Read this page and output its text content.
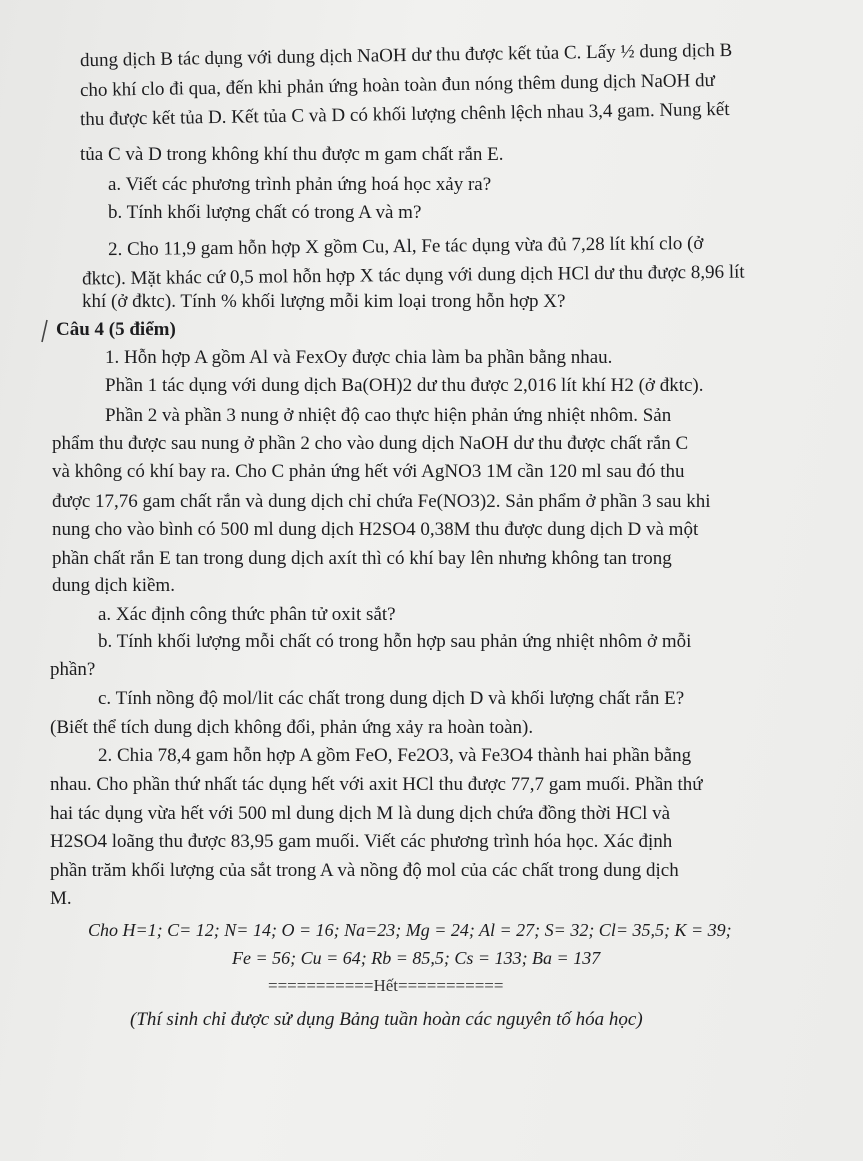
dung dịch B tác dụng với dung dịch NaOH dư thu được kết tủa C. Lấy ½ dung dịch B
cho khí clo đi qua, đến khi phản ứng hoàn toàn đun nóng thêm dung dịch NaOH dư
thu được kết tủa D. Kết tủa C và D có khối lượng chênh lệch nhau 3,4 gam. Nung kết
tủa C và D trong không khí thu được m gam chất rắn E.
a. Viết các phương trình phản ứng hoá học xảy ra?
b. Tính khối lượng chất có trong A và m?
2. Cho 11,9 gam hỗn hợp X gồm Cu, Al, Fe tác dụng vừa đủ 7,28 lít khí clo (ở
đktc). Mặt khác cứ 0,5 mol hỗn hợp X tác dụng với dung dịch HCl dư thu được 8,96 lít
khí (ở đktc). Tính % khối lượng mỗi kim loại trong hỗn hợp X?
Câu 4 (5 điểm)
1. Hỗn hợp A gồm Al và FexOy được chia làm ba phần bằng nhau.
Phần 1 tác dụng với dung dịch Ba(OH)2 dư thu được 2,016 lít khí H2 (ở đktc).
Phần 2 và phần 3 nung ở nhiệt độ cao thực hiện phản ứng nhiệt nhôm. Sản
phẩm thu được sau nung ở phần 2 cho vào dung dịch NaOH dư thu được chất rắn C
và không có khí bay ra. Cho C phản ứng hết với AgNO3 1M cần 120 ml sau đó thu
được 17,76 gam chất rắn và dung dịch chỉ chứa Fe(NO3)2. Sản phẩm ở phần 3 sau khi
nung cho vào bình có 500 ml dung dịch H2SO4 0,38M thu được dung dịch D và một
phần chất rắn E tan trong dung dịch axít thì có khí bay lên nhưng không tan trong
dung dịch kiềm.
a. Xác định công thức phân tử oxit sắt?
b. Tính khối lượng mỗi chất có trong hỗn hợp sau phản ứng nhiệt nhôm ở mỗi
phần?
c. Tính nồng độ mol/lit các chất trong dung dịch D và khối lượng chất rắn E?
(Biết thể tích dung dịch không đổi, phản ứng xảy ra hoàn toàn).
2. Chia 78,4 gam hỗn hợp A gồm FeO, Fe2O3, và Fe3O4 thành hai phần bằng
nhau. Cho phần thứ nhất tác dụng hết với axit HCl thu được 77,7 gam muối. Phần thứ
hai tác dụng vừa hết với 500 ml dung dịch M là dung dịch chứa đồng thời HCl và
H2SO4 loãng thu được 83,95 gam muối. Viết các phương trình hóa học. Xác định
phần trăm khối lượng của sắt trong A và nồng độ mol của các chất trong dung dịch
M.
Cho H=1; C= 12; N= 14; O = 16; Na=23; Mg = 24; Al = 27; S= 32; Cl= 35,5; K = 39;
Fe = 56; Cu = 64; Rb = 85,5; Cs = 133; Ba = 137
===========Hết===========
(Thí sinh chỉ được sử dụng Bảng tuần hoàn các nguyên tố hóa học)
